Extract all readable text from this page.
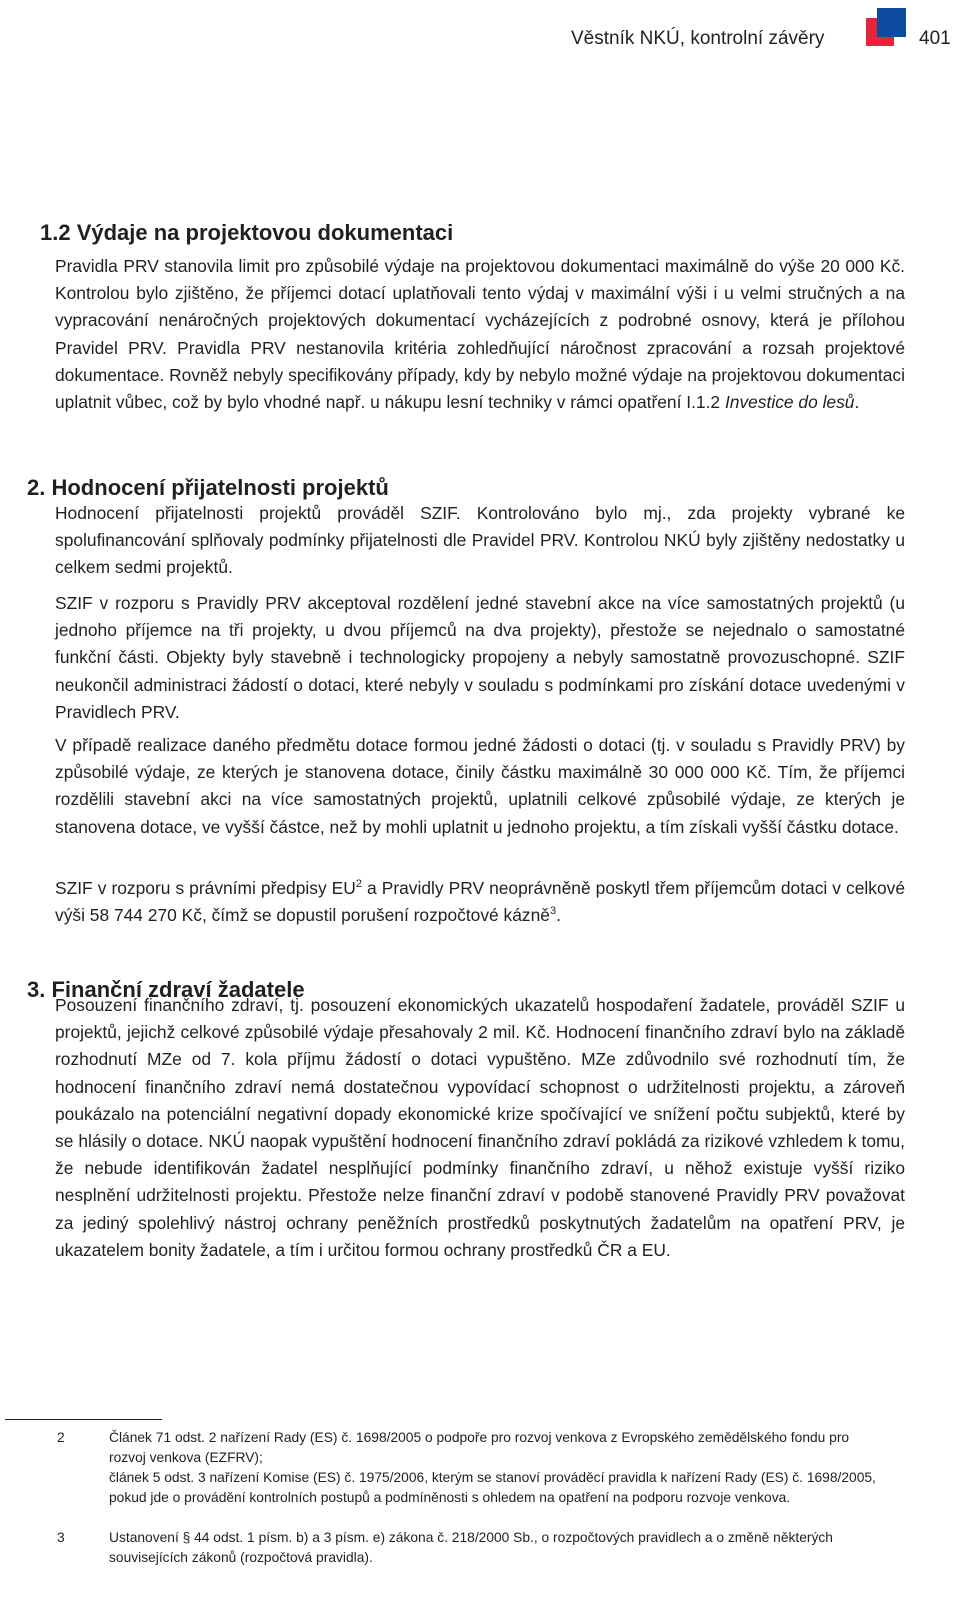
Věstník NKÚ, kontrolní závěry	401
1.2 Výdaje na projektovou dokumentaci

Pravidla PRV stanovila limit pro způsobilé výdaje na projektovou dokumentaci maximálně do výše 20 000 Kč. Kontrolou bylo zjištěno, že příjemci dotací uplatňovali tento výdaj v maximální výši i u velmi stručných a na vypracování nenáročných projektových dokumentací vycházejících z podrobné osnovy, která je přílohou Pravidel PRV. Pravidla PRV nestanovila kritéria zohledňující náročnost zpracování a rozsah projektové dokumentace. Rovněž nebyly specifikovány případy, kdy by nebylo možné výdaje na projektovou dokumentaci uplatnit vůbec, což by bylo vhodné např. u nákupu lesní techniky v rámci opatření I.1.2 Investice do lesů.

2. Hodnocení přijatelnosti projektů

Hodnocení přijatelnosti projektů prováděl SZIF. Kontrolováno bylo mj., zda projekty vybrané ke spolufinancování splňovaly podmínky přijatelnosti dle Pravidel PRV. Kontrolou NKÚ byly zjištěny nedostatky u celkem sedmi projektů.

SZIF v rozporu s Pravidly PRV akceptoval rozdělení jedné stavební akce na více samostatných projektů (u jednoho příjemce na tři projekty, u dvou příjemců na dva projekty), přestože se nejednalo o samostatné funkční části. Objekty byly stavebně i technologicky propojeny a nebyly samostatně provozuschopné. SZIF neukončil administraci žádostí o dotaci, které nebyly v souladu s podmínkami pro získání dotace uvedenými v Pravidlech PRV.

V případě realizace daného předmětu dotace formou jedné žádosti o dotaci (tj. v souladu s Pravidly PRV) by způsobilé výdaje, ze kterých je stanovena dotace, činily částku maximálně 30 000 000 Kč. Tím, že příjemci rozdělili stavební akci na více samostatných projektů, uplatnili celkové způsobilé výdaje, ze kterých je stanovena dotace, ve vyšší částce, než by mohli uplatnit u jednoho projektu, a tím získali vyšší částku dotace.

SZIF v rozporu s právními předpisy $EU^2$ a Pravidly PRV neoprávněně poskytl třem příjemcům dotaci v celkové výši 58 744 270 Kč, čímž se dopustil porušení rozpočtové kázně$^3$.

3. Finanční zdraví žadatele

Posouzení finančního zdraví, tj. posouzení ekonomických ukazatelů hospodaření žadatele, prováděl SZIF u projektů, jejichž celkové způsobilé výdaje přesahovaly 2 mil. Kč. Hodnocení finančního zdraví bylo na základě rozhodnutí MZe od 7. kola příjmu žádostí o dotaci vypuštěno. MZe zdůvodnilo své rozhodnutí tím, že hodnocení finančního zdraví nemá dostatečnou vypovídací schopnost o udržitelnosti projektu, a zároveň poukázalo na potenciální negativní dopady ekonomické krize spočívající ve snížení počtu subjektů, které by se hlásily o dotace. NKÚ naopak vypuštění hodnocení finančního zdraví pokládá za rizikové vzhledem k tomu, že nebude identifikován žadatel nesplňující podmínky finančního zdraví, u něhož existuje vyšší riziko nesplnění udržitelnosti projektu. Přestože nelze finanční zdraví v podobě stanovené Pravidly PRV považovat za jediný spolehlivý nástroj ochrany peněžních prostředků poskytnutých žadatelům na opatření PRV, je ukazatelem bonity žadatele, a tím i určitou formou ochrany prostředků ČR a EU.

2	Článek 71 odst. 2 nařízení Rady (ES) č. 1698/2005 o podpoře pro rozvoj venkova z Evropského zemědělského fondu pro rozvoj venkova (EZFRV);
článek 5 odst. 3 nařízení Komise (ES) č. 1975/2006, kterým se stanoví prováděcí pravidla k nařízení Rady (ES) č. 1698/2005, pokud jde o provádění kontrolních postupů a podmíněnosti s ohledem na opatření na podporu rozvoje venkova.
3	Ustanovení § 44 odst. 1 písm. b) a 3 písm. e) zákona č. 218/2000 Sb., o rozpočtových pravidlech a o změně některých souvisejících zákonů (rozpočtová pravidla).
